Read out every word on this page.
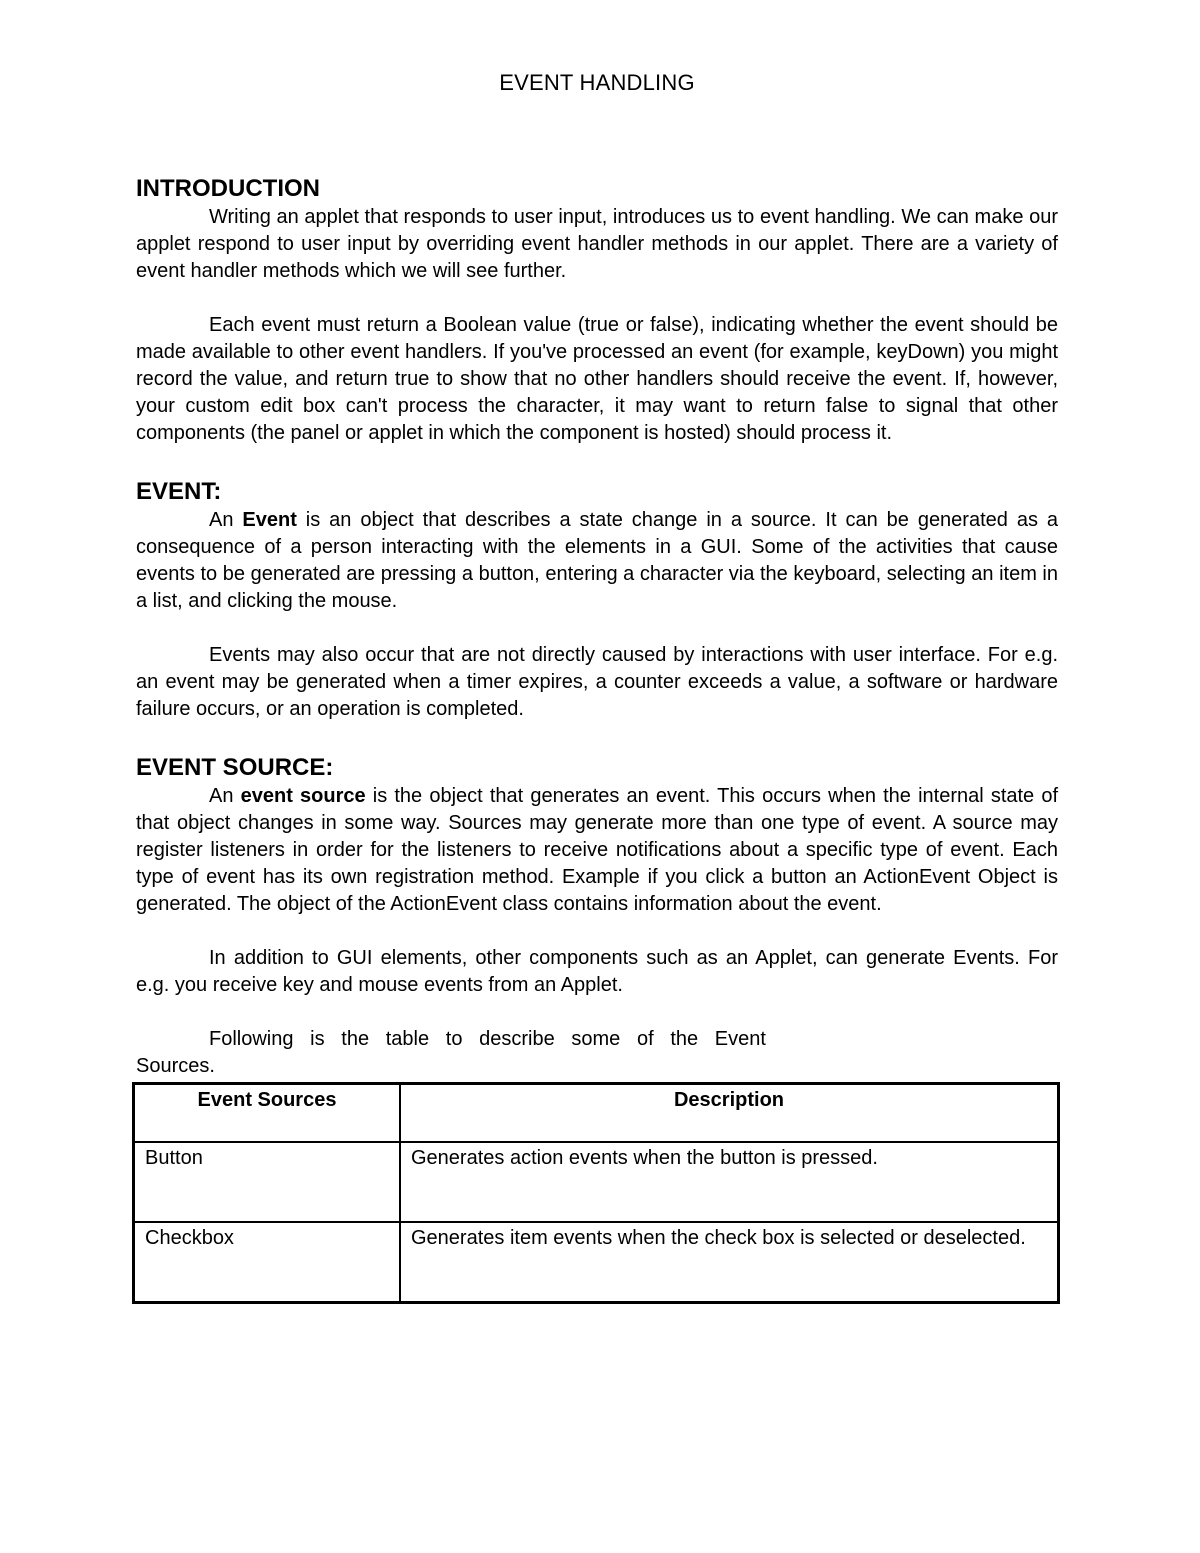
EVENT HANDLING
INTRODUCTION

Writing an applet that responds to user input, introduces us to event handling. We can make our applet respond to user input by overriding event handler methods in our applet. There are a variety of event handler methods which we will see further.

Each event must return a Boolean value (true or false), indicating whether the event should be made available to other event handlers. If you've processed an event (for example, keyDown) you might record the value, and return true to show that no other handlers should receive the event. If, however, your custom edit box can't process the character, it may want to return false to signal that other components (the panel or applet in which the component is hosted) should process it.

EVENT:

An Event is an object that describes a state change in a source. It can be generated as a consequence of a person interacting with the elements in a GUI. Some of the activities that cause events to be generated are pressing a button, entering a character via the keyboard, selecting an item in a list, and clicking the mouse.

Events may also occur that are not directly caused by interactions with user interface. For e.g. an event may be generated when a timer expires, a counter exceeds a value, a software or hardware failure occurs, or an operation is completed.

EVENT SOURCE:

An event source is the object that generates an event. This occurs when the internal state of that object changes in some way. Sources may generate more than one type of event. A source may register listeners in order for the listeners to receive notifications about a specific type of event. Each type of event has its own registration method. Example if you click a button an ActionEvent Object is generated. The object of the ActionEvent class contains information about the event.

In addition to GUI elements, other components such as an Applet, can generate Events. For e.g. you receive key and mouse events from an Applet.

Following   is   the   table   to   describe   some   of   the   Event

Sources.

Event Sources	Description
Button	Generates action events when the button is pressed.
Checkbox	Generates item events when the check box is selected or deselected.
